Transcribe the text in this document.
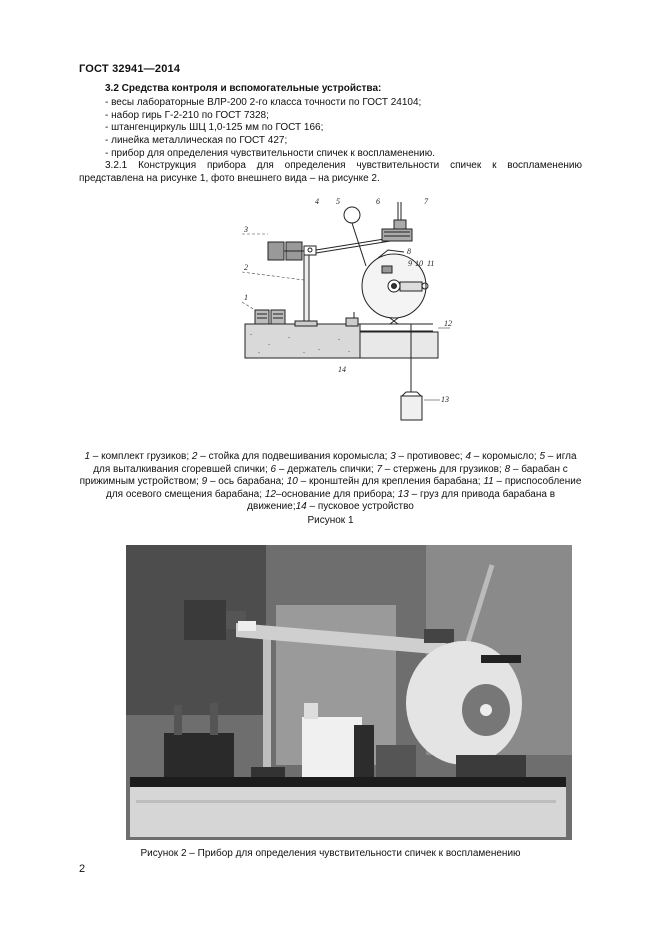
ГОСТ 32941—2014
3.2 Средства контроля и вспомогательные устройства:
- весы лабораторные ВЛР-200 2-го класса точности по ГОСТ 24104;
- набор гирь Г-2-210 по ГОСТ 7328;
- штангенциркуль ШЦ 1,0-125 мм по ГОСТ 166;
- линейка металлическая по ГОСТ 427;
- прибор для определения чувствительности спичек к воспламенению.
3.2.1 Конструкция прибора для определения чувствительности спичек к воспламенению представлена на рисунке 1, фото внешнего вида – на рисунке 2.
3
2
1
4 5	6	7
8
9 10 11
12
13
14
1 – комплект грузиков; 2 – стойка для подвешивания коромысла; 3 – противовес; 4 – коромысло; 5 – игла для выталкивания сгоревшей спички; 6 – держатель спички; 7 – стержень для грузиков; 8 – барабан с прижимным устройством; 9 – ось барабана; 10 – кронштейн для крепления барабана; 11 – приспособление для осевого смещения барабана; 12–основание для прибора; 13 – груз для привода барабана в движение;14 – пусковое устройство
Рисунок 1
Рисунок 2 – Прибор для определения чувствительности спичек к воспламенению
2
